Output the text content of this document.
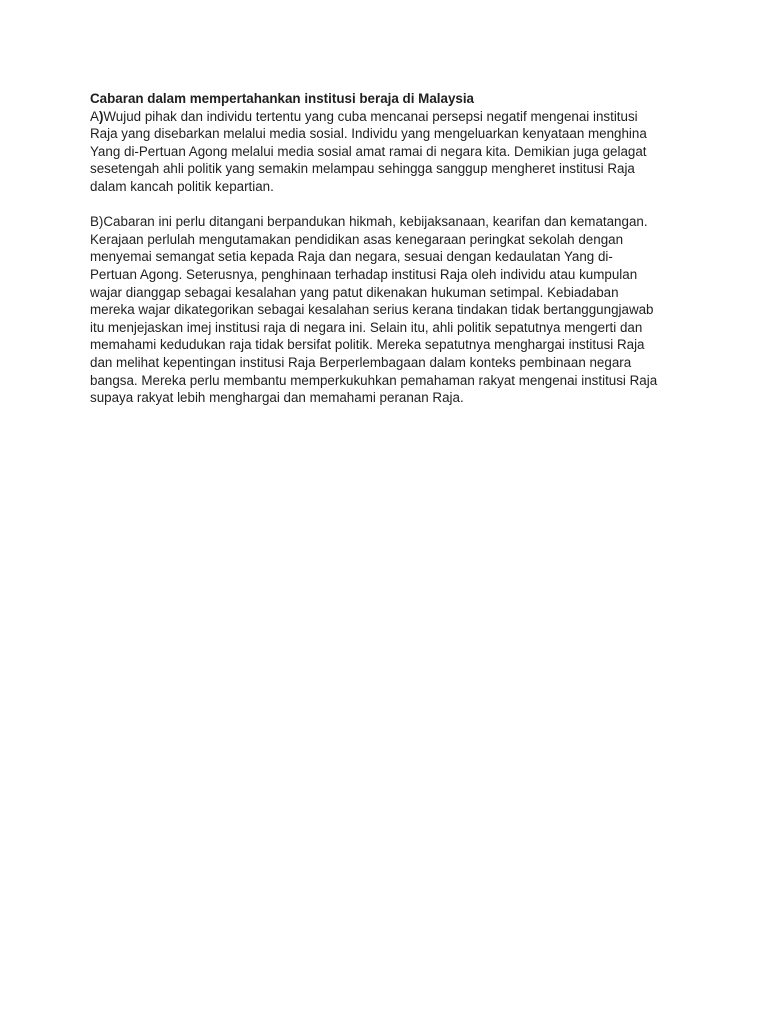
Cabaran dalam mempertahankan institusi beraja di Malaysia

A)Wujud pihak dan individu tertentu yang cuba mencanai persepsi negatif mengenai institusi
Raja yang disebarkan melalui media sosial. Individu yang mengeluarkan kenyataan menghina
Yang di-Pertuan Agong melalui media sosial amat ramai di negara kita. Demikian juga gelagat
sesetengah ahli politik yang semakin melampau sehingga sanggup mengheret institusi Raja
dalam kancah politik kepartian.

B)Cabaran ini perlu ditangani berpandukan hikmah, kebijaksanaan, kearifan dan kematangan.
Kerajaan perlulah mengutamakan pendidikan asas kenegaraan peringkat sekolah dengan
menyemai semangat setia kepada Raja dan negara, sesuai dengan kedaulatan Yang di-
Pertuan Agong. Seterusnya, penghinaan terhadap institusi Raja oleh individu atau kumpulan
wajar dianggap sebagai kesalahan yang patut dikenakan hukuman setimpal. Kebiadaban
mereka wajar dikategorikan sebagai kesalahan serius kerana tindakan tidak bertanggungjawab
itu menjejaskan imej institusi raja di negara ini. Selain itu, ahli politik sepatutnya mengerti dan
memahami kedudukan raja tidak bersifat politik. Mereka sepatutnya menghargai institusi Raja
dan melihat kepentingan institusi Raja Berperlembagaan dalam konteks pembinaan negara
bangsa. Mereka perlu membantu memperkukuhkan pemahaman rakyat mengenai institusi Raja
supaya rakyat lebih menghargai dan memahami peranan Raja.
